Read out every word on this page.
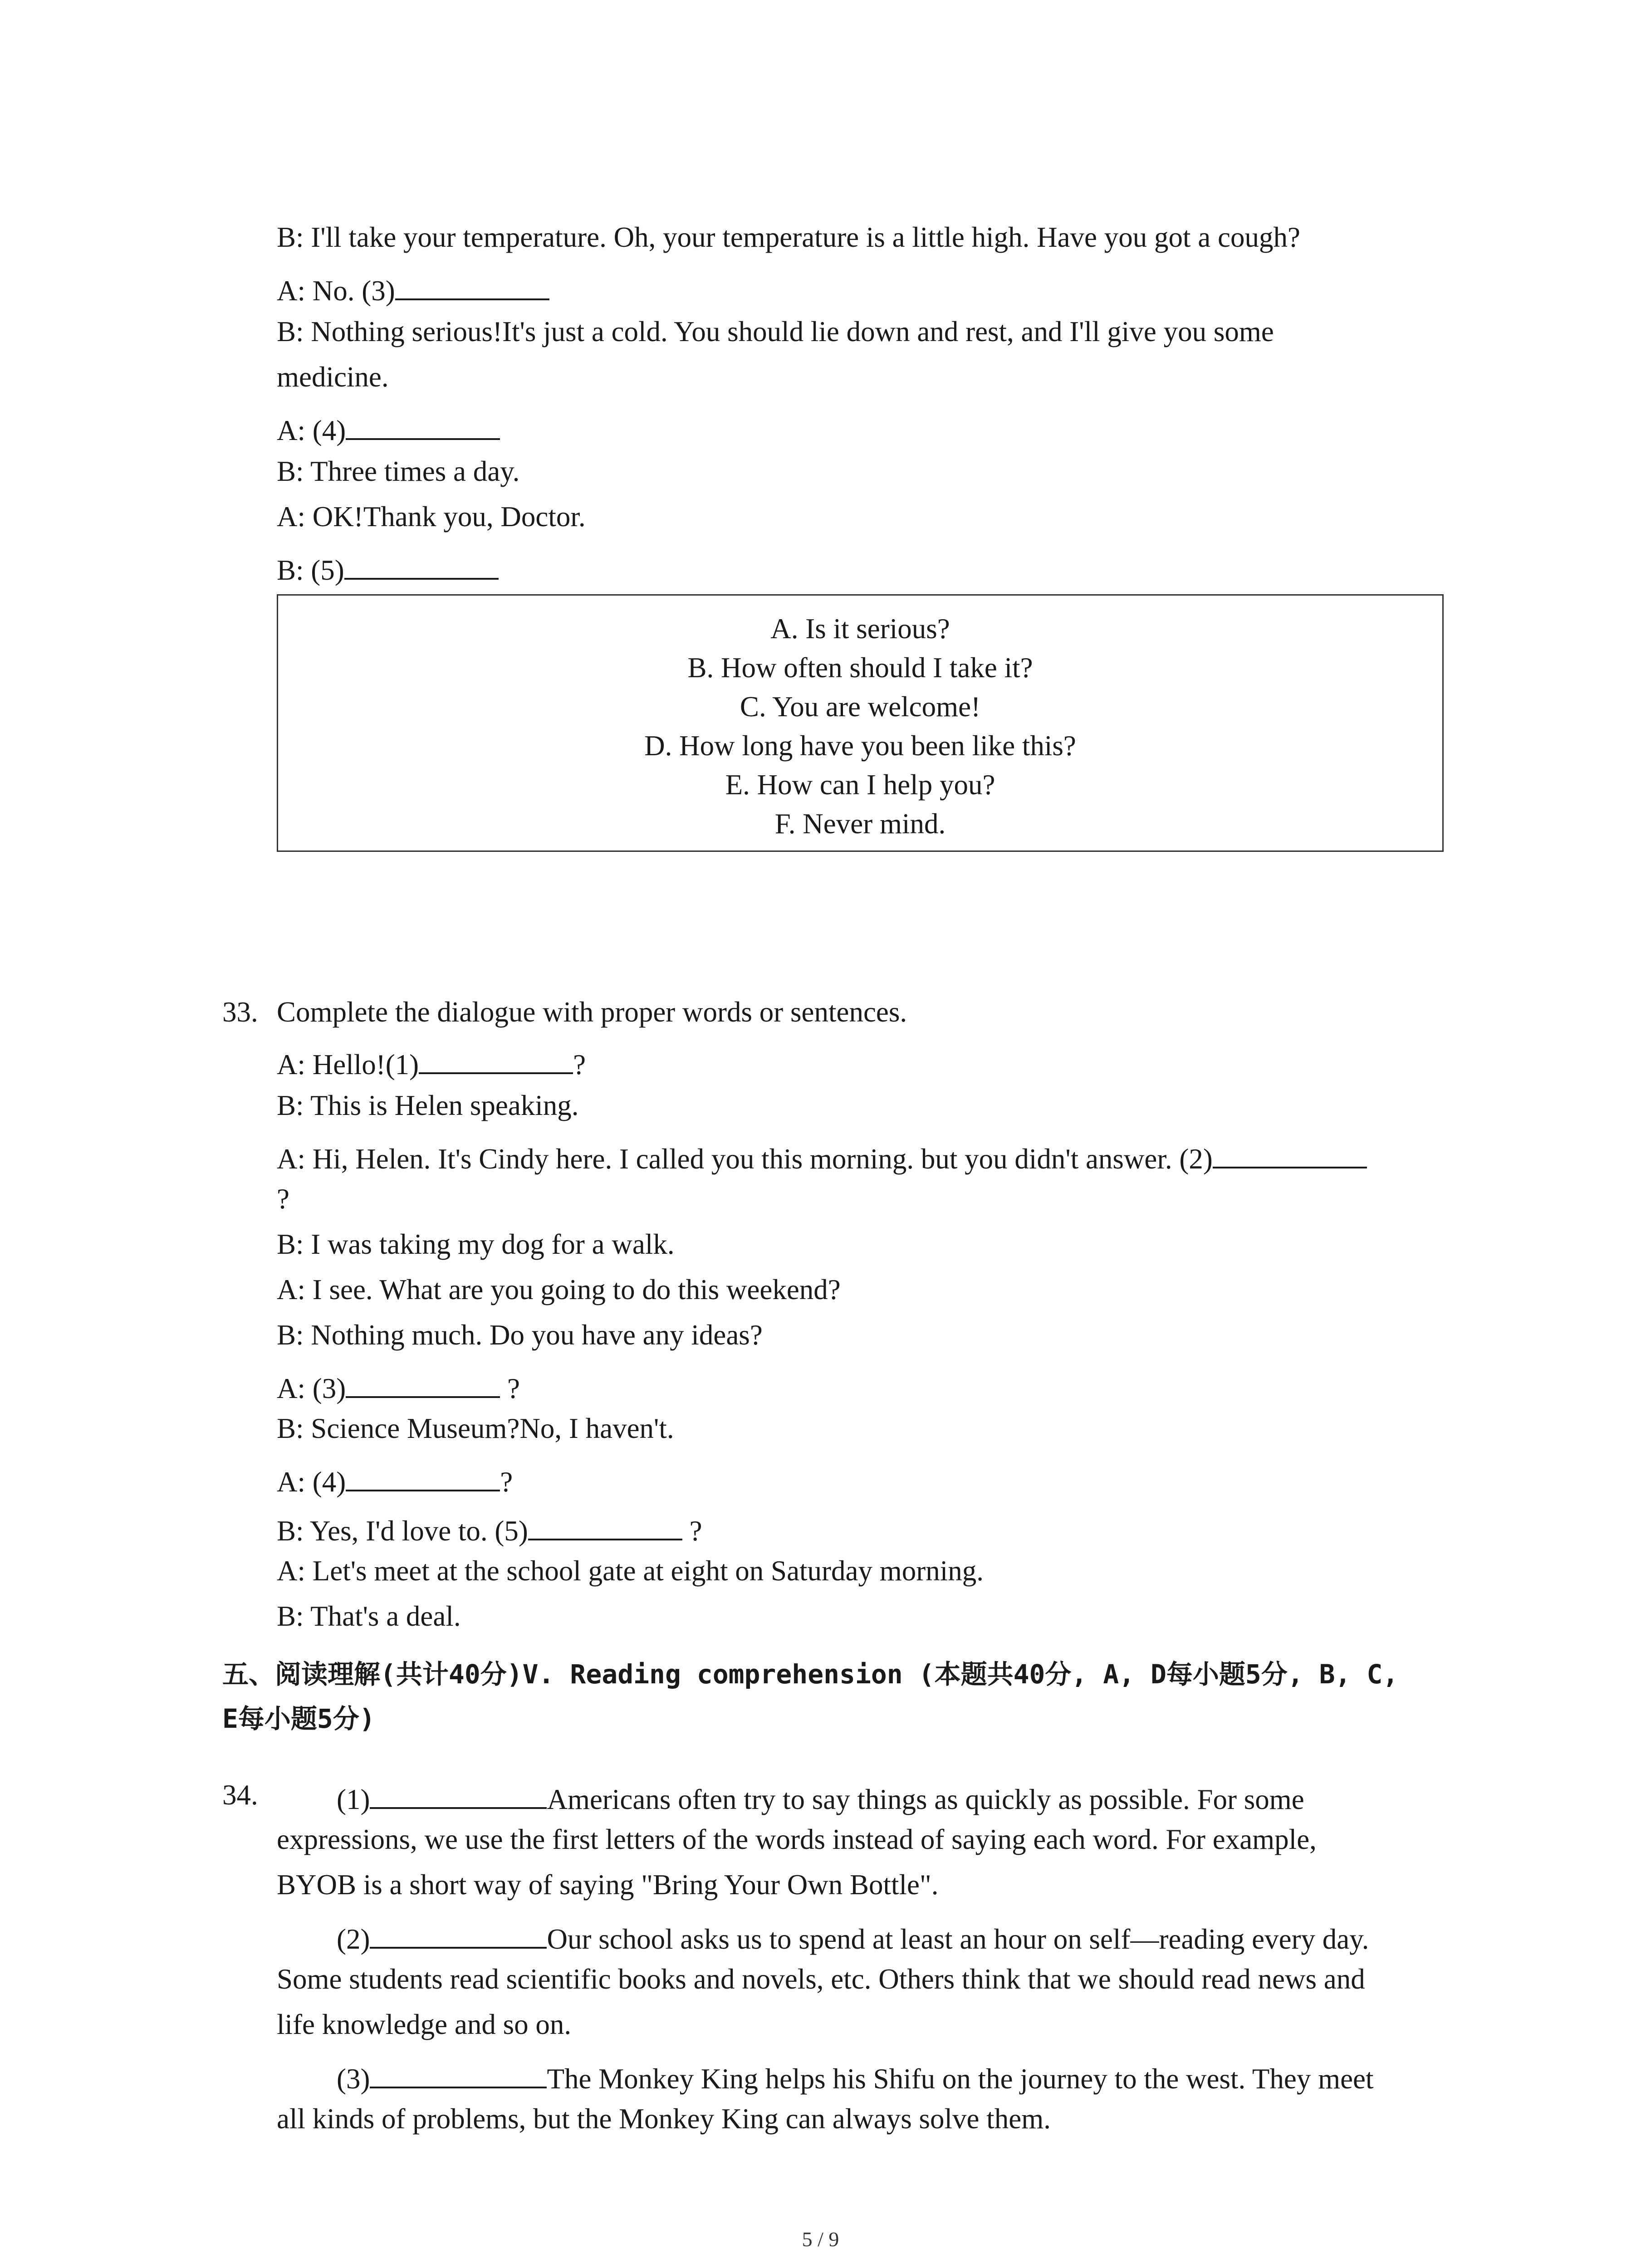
B: I'll take your temperature. Oh, your temperature is a little high. Have you got a cough?
A: No. (3)
B: Nothing serious!It's just a cold. You should lie down and rest, and I'll give you some
medicine.
A: (4)
B: Three times a day.
A: OK!Thank you, Doctor.
B: (5)
A. Is it serious?
B. How often should I take it?
C. You are welcome!
D. How long have you been like this?
E. How can I help you?
F. Never mind.
33. Complete the dialogue with proper words or sentences.
A: Hello!(1)	?
B: This is Helen speaking.
A: Hi, Helen. It's Cindy here. I called you this morning. but you didn't answer. (2)
?
B: I was taking my dog for a walk.
A: I see. What are you going to do this weekend?
B: Nothing much. Do you have any ideas?
A: (3)	?
B: Science Museum?No, I haven't.
A: (4)	?
B: Yes, I'd love to. (5)	?
A: Let's meet at the school gate at eight on Saturday morning.
B: That's a deal.
五、阅读理解(共计40分)V. Reading comprehension (本题共40分, A, D每小题5分, B, C,
E每小题5分)
34.	(1)	Americans often try to say things as quickly as possible. For some
expressions, we use the first letters of the words instead of saying each word. For example,
BYOB is a short way of saying "Bring Your Own Bottle".
(2)	Our school asks us to spend at least an hour on self—reading every day.
Some students read scientific books and novels, etc. Others think that we should read news and
life knowledge and so on.
(3)	The Monkey King helps his Shifu on the journey to the west. They meet
all kinds of problems, but the Monkey King can always solve them.
5 / 9
